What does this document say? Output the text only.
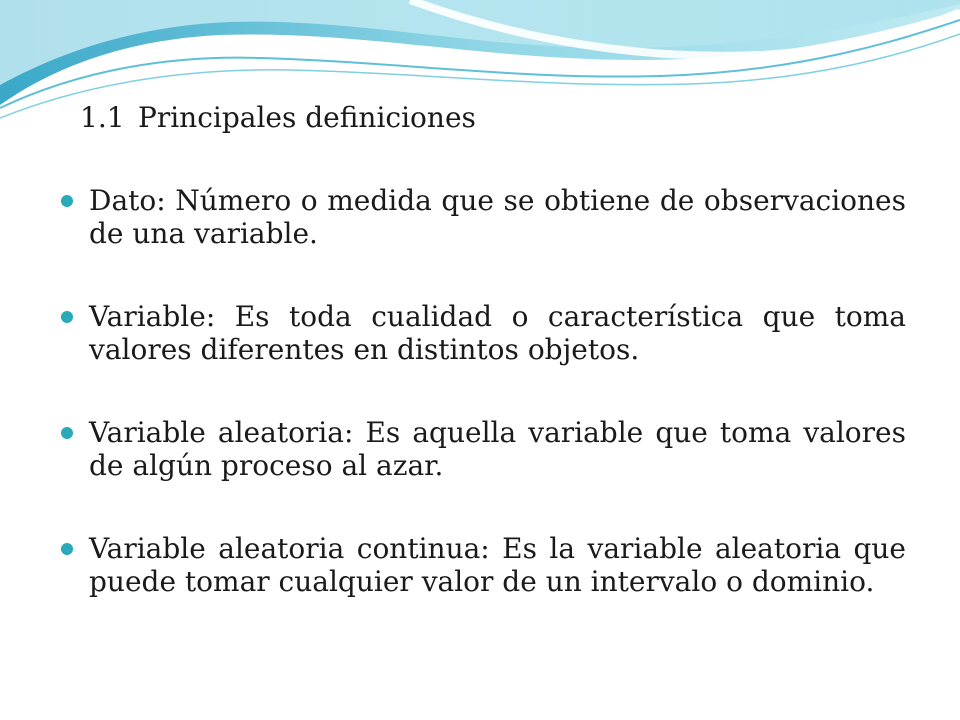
1.1 Principales definiciones
Dato: Número o medida que se obtiene de observaciones de una variable.
Variable: Es toda cualidad o característica que toma valores diferentes en distintos objetos.
Variable aleatoria: Es aquella variable que toma valores de algún proceso al azar.
Variable aleatoria continua: Es la variable aleatoria que puede tomar cualquier valor de un intervalo o dominio.
